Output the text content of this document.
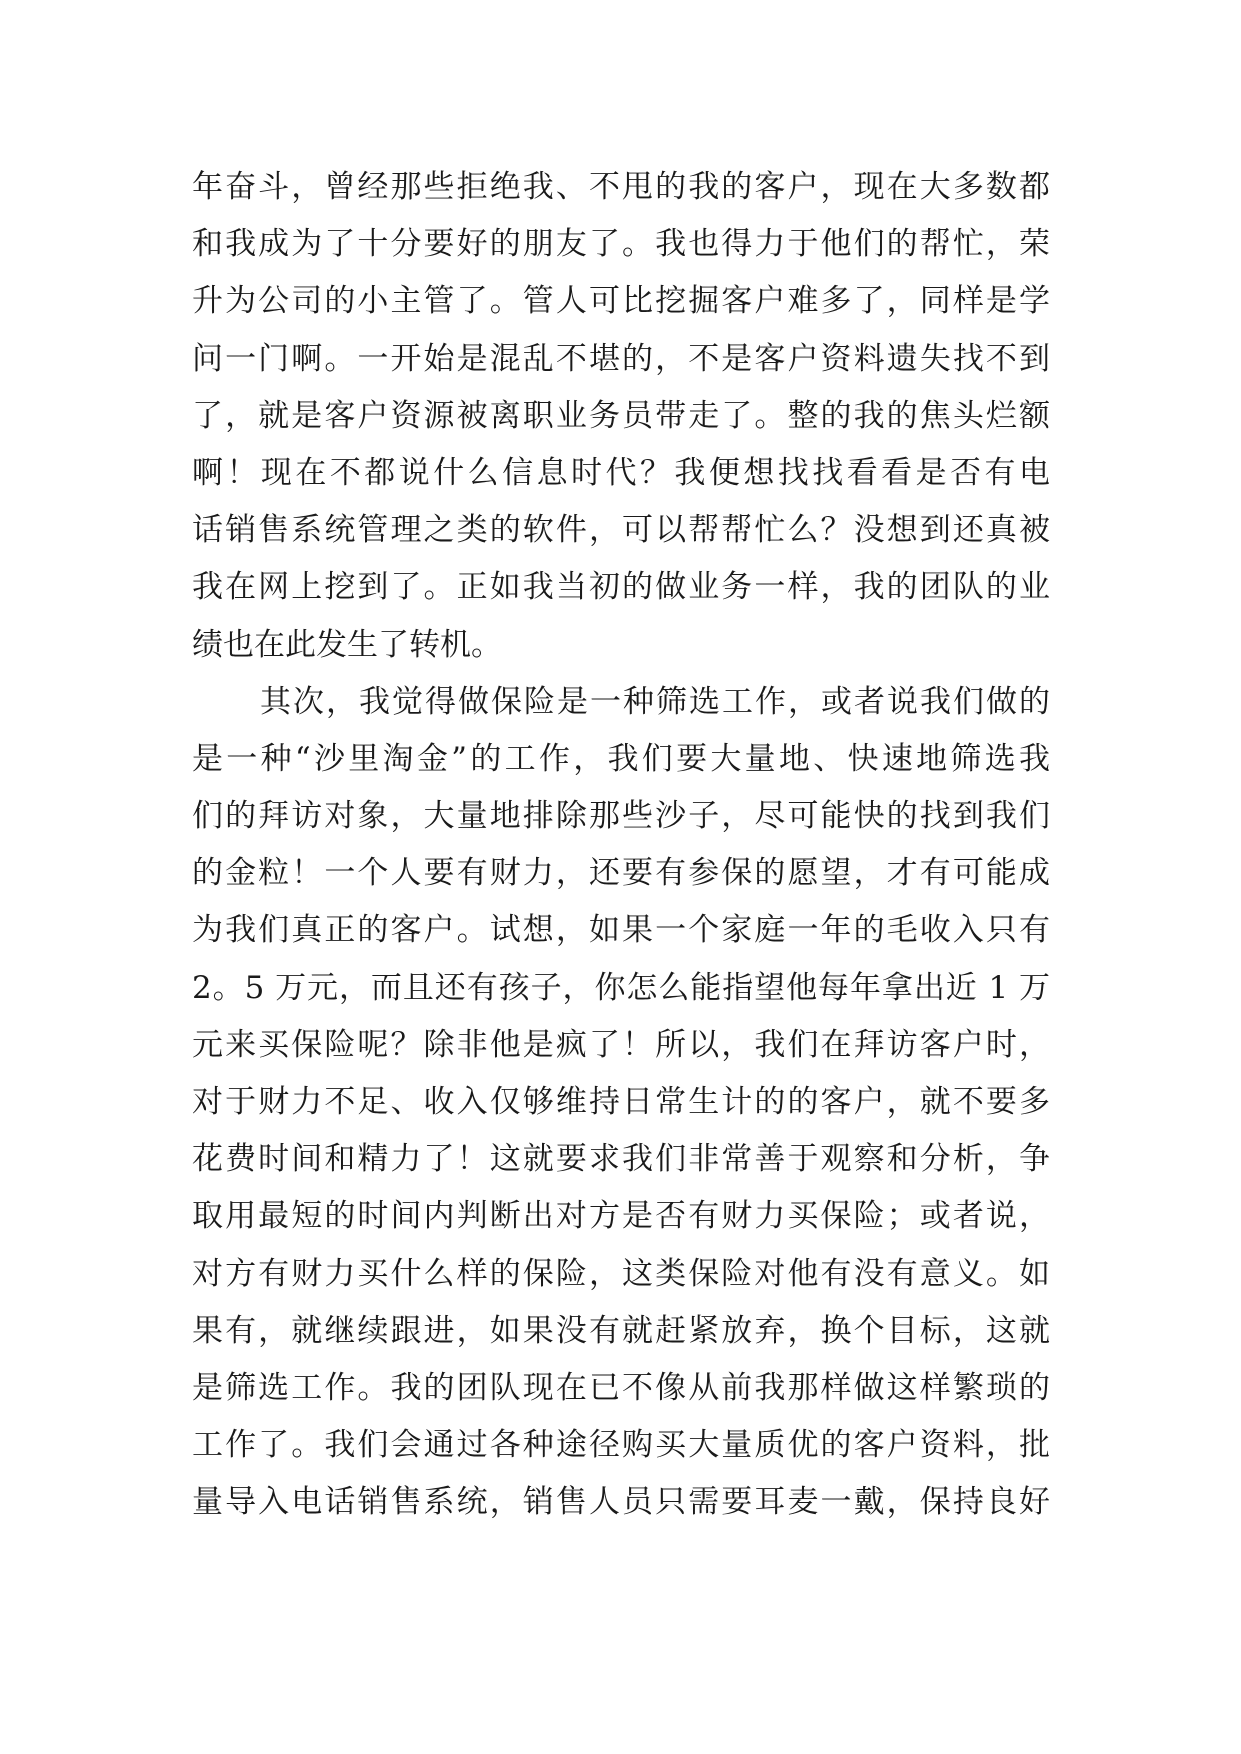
年奋斗，曾经那些拒绝我、不甩的我的客户，现在大多数都
和我成为了十分要好的朋友了。我也得力于他们的帮忙，荣
升为公司的小主管了。管人可比挖掘客户难多了，同样是学
问一门啊。一开始是混乱不堪的，不是客户资料遗失找不到
了，就是客户资源被离职业务员带走了。整的我的焦头烂额
啊！现在不都说什么信息时代？我便想找找看看是否有电
话销售系统管理之类的软件，可以帮帮忙么？没想到还真被
我在网上挖到了。正如我当初的做业务一样，我的团队的业
绩也在此发生了转机。
其次，我觉得做保险是一种筛选工作，或者说我们做的
是一种“沙里淘金”的工作，我们要大量地、快速地筛选我
们的拜访对象，大量地排除那些沙子，尽可能快的找到我们
的金粒！一个人要有财力，还要有参保的愿望，才有可能成
为我们真正的客户。试想，如果一个家庭一年的毛收入只有
2。5 万元，而且还有孩子，你怎么能指望他每年拿出近 1 万
元来买保险呢？除非他是疯了！所以，我们在拜访客户时，
对于财力不足、收入仅够维持日常生计的的客户，就不要多
花费时间和精力了！这就要求我们非常善于观察和分析，争
取用最短的时间内判断出对方是否有财力买保险；或者说，
对方有财力买什么样的保险，这类保险对他有没有意义。如
果有，就继续跟进，如果没有就赶紧放弃，换个目标，这就
是筛选工作。我的团队现在已不像从前我那样做这样繁琐的
工作了。我们会通过各种途径购买大量质优的客户资料，批
量导入电话销售系统，销售人员只需要耳麦一戴，保持良好
